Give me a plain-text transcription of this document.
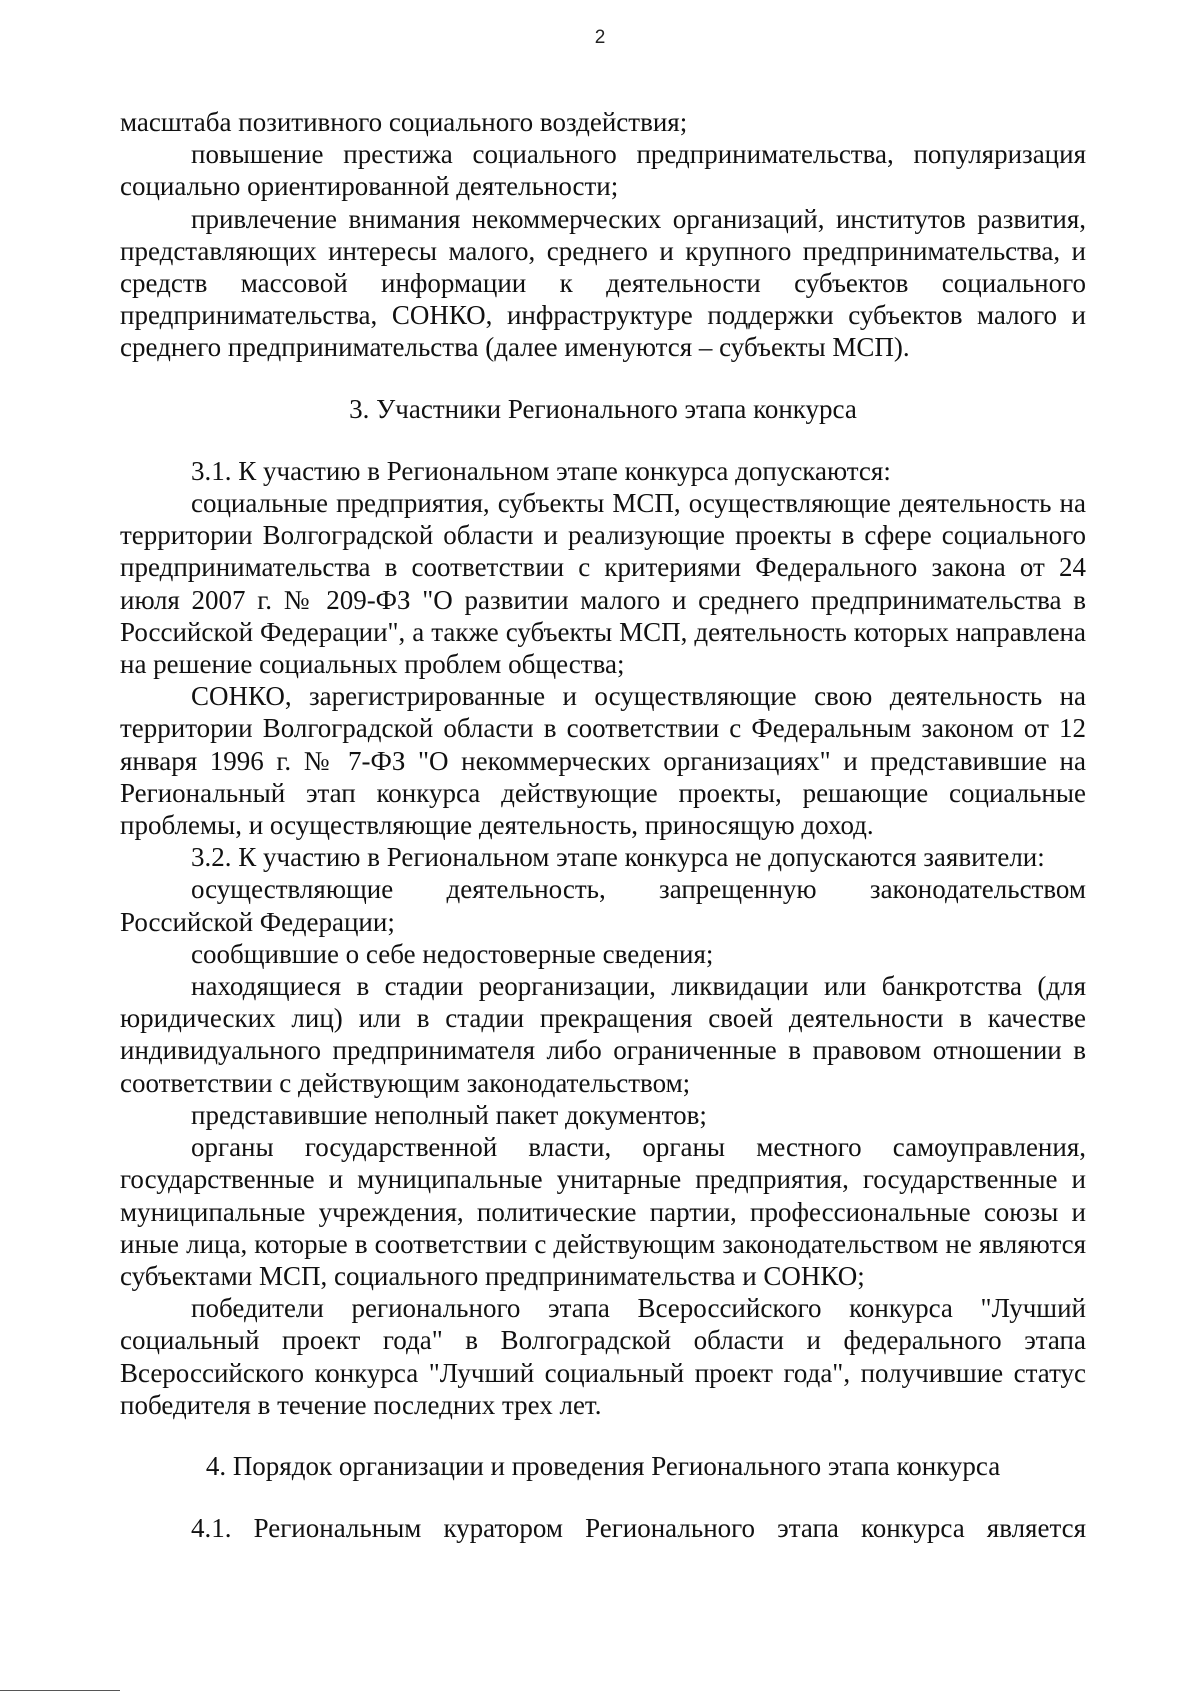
2

масштаба позитивного социального воздействия;

повышение престижа социального предпринимательства, популяризация социально ориентированной деятельности;

привлечение внимания некоммерческих организаций, институтов развития, представляющих интересы малого, среднего и крупного предпринимательства, и средств массовой информации к деятельности субъектов социального предпринимательства, СОНКО, инфраструктуре поддержки субъектов малого и среднего предпринимательства (далее именуются – субъекты МСП).

3. Участники Регионального этапа конкурса

3.1. К участию в Региональном этапе конкурса допускаются:

социальные предприятия, субъекты МСП, осуществляющие деятельность на территории Волгоградской области и реализующие проекты в сфере социального предпринимательства в соответствии с критериями Федерального закона от 24 июля 2007 г. № 209-ФЗ "О развитии малого и среднего предпринимательства в Российской Федерации", а также субъекты МСП, деятельность которых направлена на решение социальных проблем общества;

СОНКО, зарегистрированные и осуществляющие свою деятельность на территории Волгоградской области в соответствии с Федеральным законом от 12 января 1996 г. № 7-ФЗ "О некоммерческих организациях" и представившие на Региональный этап конкурса действующие проекты, решающие социальные проблемы, и осуществляющие деятельность, приносящую доход.

3.2. К участию в Региональном этапе конкурса не допускаются заявители:

осуществляющие деятельность, запрещенную законодательством Российской Федерации;

сообщившие о себе недостоверные сведения;

находящиеся в стадии реорганизации, ликвидации или банкротства (для юридических лиц) или в стадии прекращения своей деятельности в качестве индивидуального предпринимателя либо ограниченные в правовом отношении в соответствии с действующим законодательством;

представившие неполный пакет документов;

органы государственной власти, органы местного самоуправления, государственные и муниципальные унитарные предприятия, государственные и муниципальные учреждения, политические партии, профессиональные союзы и иные лица, которые в соответствии с действующим законодательством не являются субъектами МСП, социального предпринимательства и СОНКО;

победители регионального этапа Всероссийского конкурса "Лучший социальный проект года" в Волгоградской области и федерального этапа Всероссийского конкурса "Лучший социальный проект года", получившие статус победителя в течение последних трех лет.

4. Порядок организации и проведения Регионального этапа конкурса

4.1. Региональным куратором Регионального этапа конкурса является
